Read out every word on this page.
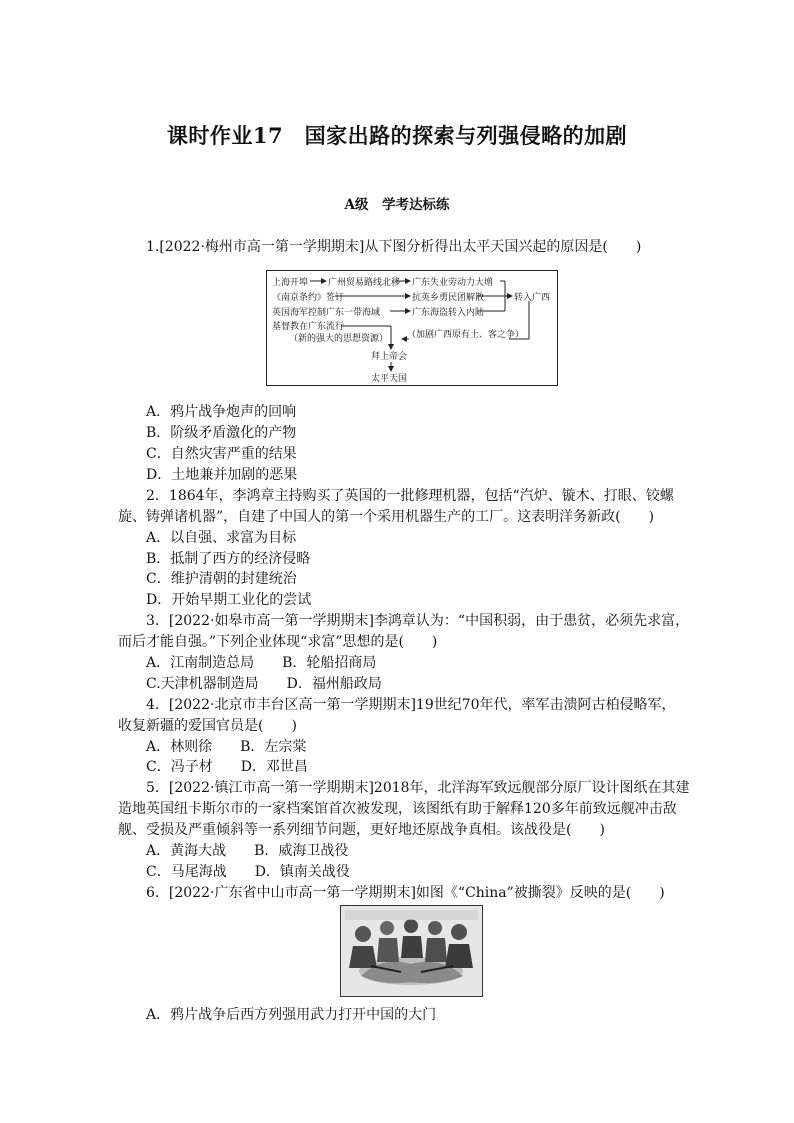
课时作业17　国家出路的探索与列强侵略的加剧
A级　学考达标练
1.[2022·梅州市高一第一学期期末]从下图分析得出太平天国兴起的原因是(　　)
上海开埠 广州贸易路线北移 广东失业劳动力大增
《南京条约》签订	抗英乡勇民团解散	转入广西
英国海军控制广东一带海域	广东海盗转入内陆
基督教在广东流行
（新的强大的思想资源） （加剧广西原有土、客之争）
拜上帝会
太平天国
A．鸦片战争炮声的回响
B．阶级矛盾激化的产物
C．自然灾害严重的结果
D．土地兼并加剧的恶果
2．1864年，李鸿章主持购买了英国的一批修理机器，包括“汽炉、镟木、打眼、铰螺
旋、铸弹诸机器”，自建了中国人的第一个采用机器生产的工厂。这表明洋务新政(　　)
A．以自强、求富为目标
B．抵制了西方的经济侵略
C．维护清朝的封建统治
D．开始早期工业化的尝试
3．[2022·如皋市高一第一学期期末]李鸿章认为：“中国积弱，由于患贫，必须先求富，
而后才能自强。”下列企业体现“求富”思想的是(　　)
A．江南制造总局　　B．轮船招商局
C.天津机器制造局　　D．福州船政局
4．[2022·北京市丰台区高一第一学期期末]19世纪70年代，率军击溃阿古柏侵略军，
收复新疆的爱国官员是(　　)
A．林则徐　　B．左宗棠
C．冯子材　　D．邓世昌
5．[2022·镇江市高一第一学期期末]2018年，北洋海军致远舰部分原厂设计图纸在其建
造地英国纽卡斯尔市的一家档案馆首次被发现，该图纸有助于解释120多年前致远舰冲击敌
舰、受损及严重倾斜等一系列细节问题，更好地还原战争真相。该战役是(　　)
A．黄海大战　　B．威海卫战役
C．马尾海战　　D．镇南关战役
6．[2022·广东省中山市高一第一学期期末]如图《“China”被撕裂》反映的是(　　)
A．鸦片战争后西方列强用武力打开中国的大门
